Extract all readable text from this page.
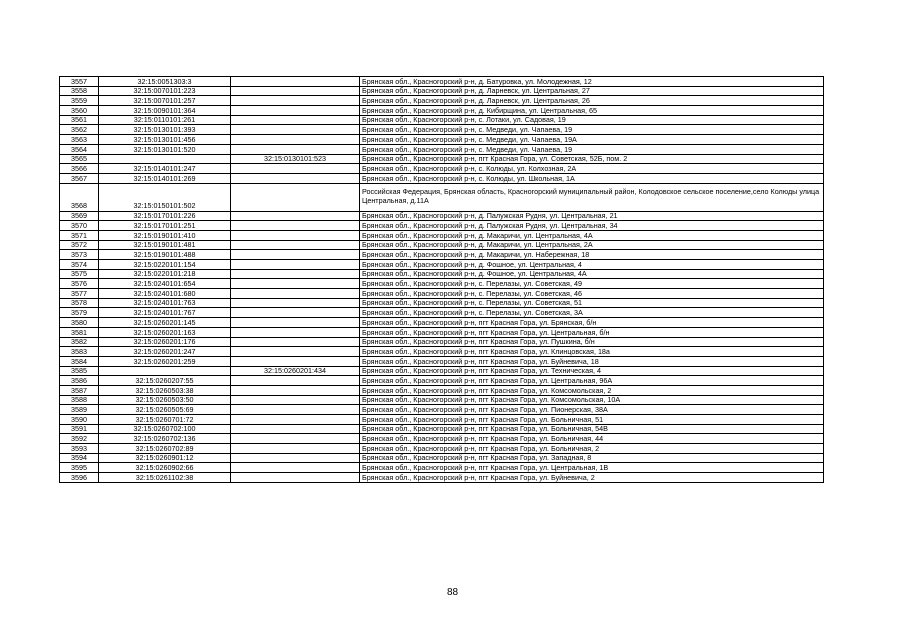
3557	32:15:0051303:3		Брянская обл., Красногорский р-н, д. Батуровка, ул. Молодежная, 12
3558	32:15:0070101:223		Брянская обл., Красногорский р-н, д. Ларневск, ул. Центральная, 27
3559	32:15:0070101:257		Брянская обл., Красногорский р-н, д. Ларневск, ул. Центральная, 26
3560	32:15:0090101:364		Брянская обл., Красногорский р-н, д. Кибирщина, ул. Центральная, 65
3561	32:15:0110101:261		Брянская обл., Красногорский р-н, с. Лотаки, ул. Садовая, 19
3562	32:15:0130101:393		Брянская обл., Красногорский р-н, с. Медведи, ул. Чапаева, 19
3563	32:15:0130101:456		Брянская обл., Красногорский р-н, с. Медведи, ул. Чапаева, 19А
3564	32:15:0130101:520		Брянская обл., Красногорский р-н, с. Медведи, ул. Чапаева, 19
3565		32:15:0130101:523	Брянская обл., Красногорский р-н, пгт Красная Гора, ул. Советская, 52Б, пом. 2
3566	32:15:0140101:247		Брянская обл., Красногорский р-н, с. Колюды, ул. Колхозная, 2А
3567	32:15:0140101:269		Брянская обл., Красногорский р-н, с. Колюды, ул. Школьная, 1А
3568	32:15:0150101:502		Российская Федерация, Брянская область, Красногорский муниципальный район, Колодовское сельское поселение,село Колюды улица Центральная, д.11А
3569	32:15:0170101:226		Брянская обл., Красногорский р-н, д. Палужская Рудня, ул. Центральная, 21
3570	32:15:0170101:251		Брянская обл., Красногорский р-н, д. Палужская Рудня, ул. Центральная, 34
3571	32:15:0190101:410		Брянская обл., Красногорский р-н, д. Макаричи, ул. Центральная, 4А
3572	32:15:0190101:481		Брянская обл., Красногорский р-н, д. Макаричи, ул. Центральная, 2А
3573	32:15:0190101:488		Брянская обл., Красногорский р-н, д. Макаричи, ул. Набережная, 18
3574	32:15:0220101:154		Брянская обл., Красногорский р-н, д. Фошное, ул. Центральная, 4
3575	32:15:0220101:218		Брянская обл., Красногорский р-н, д. Фошное, ул. Центральная, 4А
3576	32:15:0240101:654		Брянская обл., Красногорский р-н, с. Перелазы, ул. Советская, 49
3577	32:15:0240101:680		Брянская обл., Красногорский р-н, с. Перелазы, ул. Советская, 46
3578	32:15:0240101:763		Брянская обл., Красногорский р-н, с. Перелазы, ул. Советская, 51
3579	32:15:0240101:767		Брянская обл., Красногорский р-н, с. Перелазы, ул. Советская, 3А
3580	32:15:0260201:145		Брянская обл., Красногорский р-н, пгт Красная Гора, ул. Брянская, б/н
3581	32:15:0260201:163		Брянская обл., Красногорский р-н, пгт Красная Гора, ул. Центральная, б/н
3582	32:15:0260201:176		Брянская обл., Красногорский р-н, пгт Красная Гора, ул. Пушкина, б/н
3583	32:15:0260201:247		Брянская обл., Красногорский р-н, пгт Красная Гора, ул. Клинцовская, 18а
3584	32:15:0260201:259		Брянская обл., Красногорский р-н, пгт Красная Гора, ул. Буйневича, 18
3585		32:15:0260201:434	Брянская обл., Красногорский р-н, пгт Красная Гора, ул. Техническая, 4
3586	32:15:0260207:55		Брянская обл., Красногорский р-н, пгт Красная Гора, ул. Центральная, 96А
3587	32:15:0260503:38		Брянская обл., Красногорский р-н, пгт Красная Гора, ул. Комсомольская, 2
3588	32:15:0260503:50		Брянская обл., Красногорский р-н, пгт Красная Гора, ул. Комсомольская, 10А
3589	32:15:0260505:69		Брянская обл., Красногорский р-н, пгт Красная Гора, ул. Пионерская, 38А
3590	32:15:0260701:72		Брянская обл., Красногорский р-н, пгт Красная Гора, ул. Больничная, 51
3591	32:15:0260702:100		Брянская обл., Красногорский р-н, пгт Красная Гора, ул. Больничная, 54В
3592	32:15:0260702:136		Брянская обл., Красногорский р-н, пгт Красная Гора, ул. Больничная, 44
3593	32:15:0260702:89		Брянская обл., Красногорский р-н, пгт Красная Гора, ул. Больничная, 2
3594	32:15:0260901:12		Брянская обл., Красногорский р-н, пгт Красная Гора, ул. Западная, 8
3595	32:15:0260902:66		Брянская обл., Красногорский р-н, пгт Красная Гора, ул. Центральная, 1В
3596	32:15:0261102:38		Брянская обл., Красногорский р-н, пгт Красная Гора, ул. Буйневича, 2
88
